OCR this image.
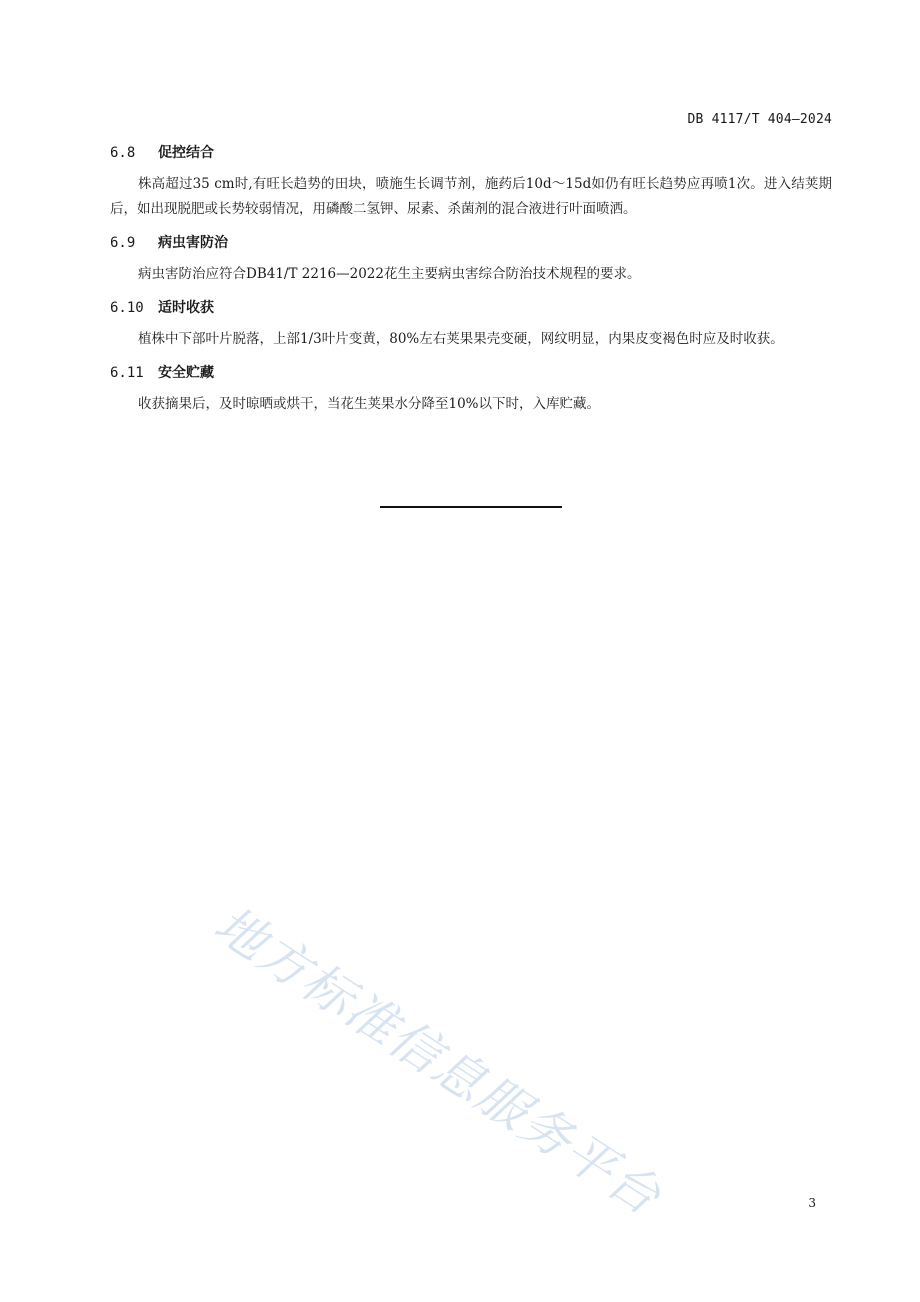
DB 4117/T 404—2024
6.8 促控结合

株高超过35 cm时,有旺长趋势的田块，喷施生长调节剂，施药后10d～15d如仍有旺长趋势应再喷1次。进入结荚期后，如出现脱肥或长势较弱情况，用磷酸二氢钾、尿素、杀菌剂的混合液进行叶面喷洒。

6.9 病虫害防治

病虫害防治应符合DB41/T 2216—2022花生主要病虫害综合防治技术规程的要求。

6.10 适时收获

植株中下部叶片脱落，上部1/3叶片变黄，80%左右荚果果壳变硬，网纹明显，内果皮变褐色时应及时收获。

6.11 安全贮藏

收获摘果后，及时晾晒或烘干，当花生荚果水分降至10%以下时，入库贮藏。

地方标准信息服务平台	3
